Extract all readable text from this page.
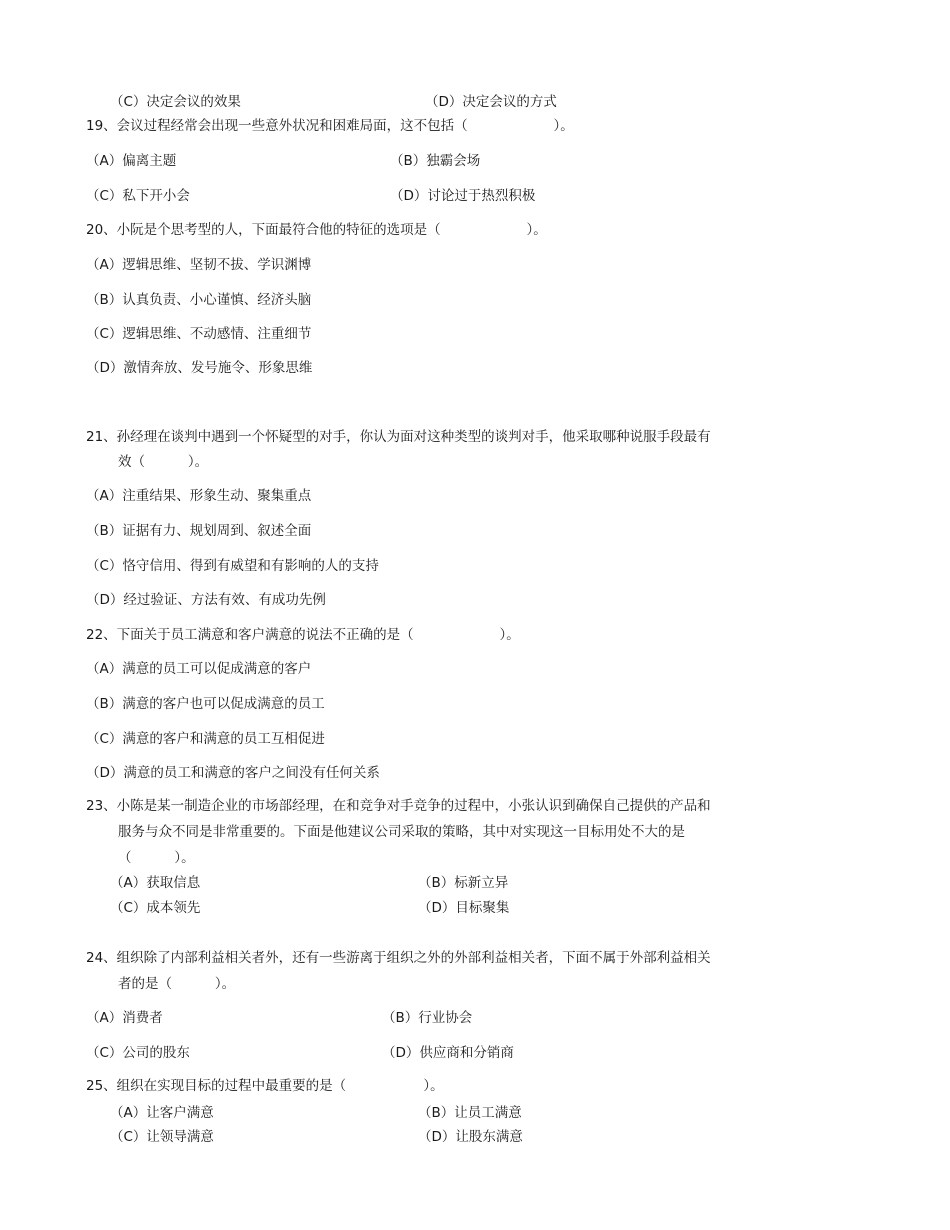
（C）决定会议的效果	（D）决定会议的方式
19、会议过程经常会出现一些意外状况和困难局面，这不包括（                    ）。
（A）偏离主题	（B）独霸会场
（C）私下开小会	（D）讨论过于热烈积极
20、小阮是个思考型的人，下面最符合他的特征的选项是（                    ）。
（A）逻辑思维、坚韧不拔、学识渊博
（B）认真负责、小心谨慎、经济头脑
（C）逻辑思维、不动感情、注重细节
（D）激情奔放、发号施令、形象思维
21、孙经理在谈判中遇到一个怀疑型的对手，你认为面对这种类型的谈判对手，他采取哪种说服手段最有
效（          ）。
（A）注重结果、形象生动、聚集重点
（B）证据有力、规划周到、叙述全面
（C）恪守信用、得到有威望和有影响的人的支持
（D）经过验证、方法有效、有成功先例
22、下面关于员工满意和客户满意的说法不正确的是（                    ）。
（A）满意的员工可以促成满意的客户
（B）满意的客户也可以促成满意的员工
（C）满意的客户和满意的员工互相促进
（D）满意的员工和满意的客户之间没有任何关系
23、小陈是某一制造企业的市场部经理，在和竞争对手竞争的过程中，小张认识到确保自己提供的产品和
服务与众不同是非常重要的。下面是他建议公司采取的策略，其中对实现这一目标用处不大的是
（          ）。
（A）获取信息	（B）标新立异
（C）成本领先	（D）目标聚集
24、组织除了内部利益相关者外，还有一些游离于组织之外的外部利益相关者，下面不属于外部利益相关
者的是（          ）。
（A）消费者	（B）行业协会
（C）公司的股东	（D）供应商和分销商
25、组织在实现目标的过程中最重要的是（                  ）。
（A）让客户满意	（B）让员工满意
（C）让领导满意	（D）让股东满意
